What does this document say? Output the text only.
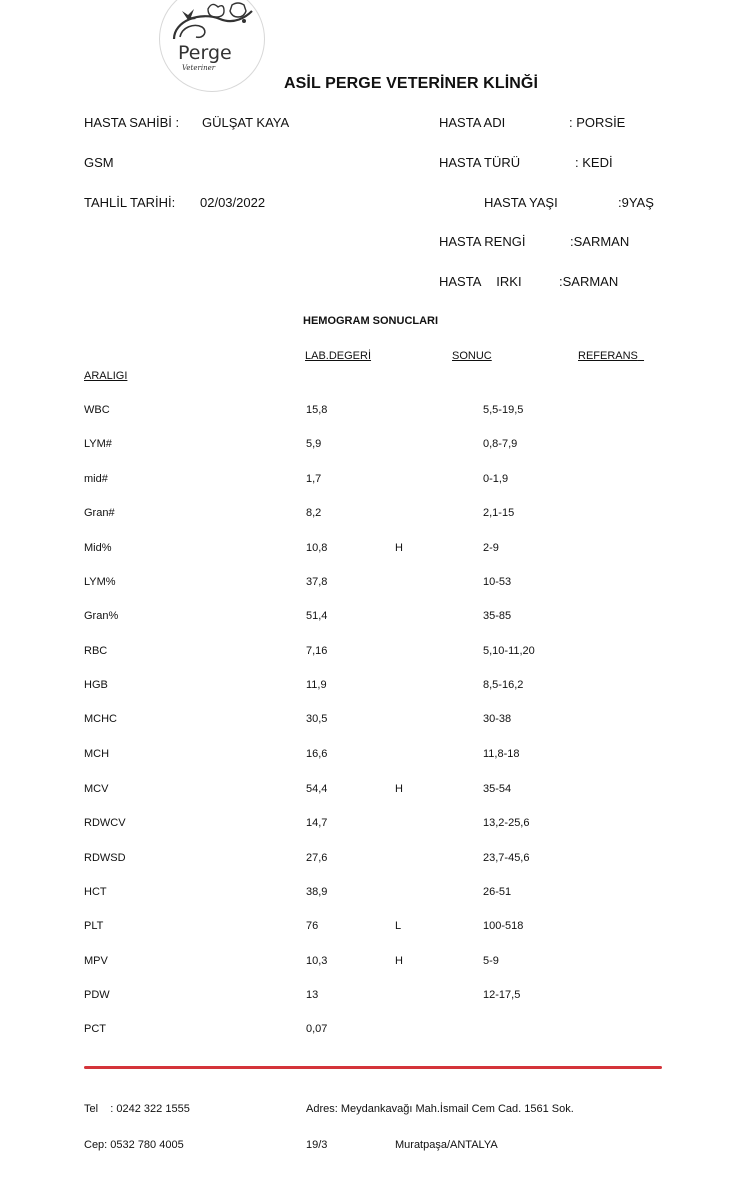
Perge
Veteriner
ASİL PERGE VETERİNER KLİNĞİ
HASTA SAHİBİ : GÜLŞAT KAYA	HASTA ADI	: PORSİE
GSM	HASTA TÜRÜ	: KEDİ
TAHLİL TARİHİ: 02/03/2022	HASTA YAŞI	:9YAŞ
HASTA RENGİ	:SARMAN
HASTA IRKI	:SARMAN
HEMOGRAM SONUCLARI
LAB.DEGERİ	SONUC	REFERANS
ARALIGI
WBC	15,8	5,5-19,5
LYM#	5,9	0,8-7,9
mid#	1,7	0-1,9
Gran#	8,2	2,1-15
Mid%	10,8	H	2-9
LYM%	37,8	10-53
Gran%	51,4	35-85
RBC	7,16	5,10-11,20
HGB	11,9	8,5-16,2
MCHC	30,5	30-38
MCH	16,6	11,8-18
MCV	54,4	H	35-54
RDWCV	14,7	13,2-25,6
RDWSD	27,6	23,7-45,6
HCT	38,9	26-51
PLT	76	L	100-518
MPV	10,3	H	5-9
PDW	13	12-17,5
PCT	0,07
Tel    : 0242 322 1555	Adres: Meydankavağı Mah.İsmail Cem Cad. 1561 Sok.
Cep: 0532 780 4005	19/3	Muratpaşa/ANTALYA
